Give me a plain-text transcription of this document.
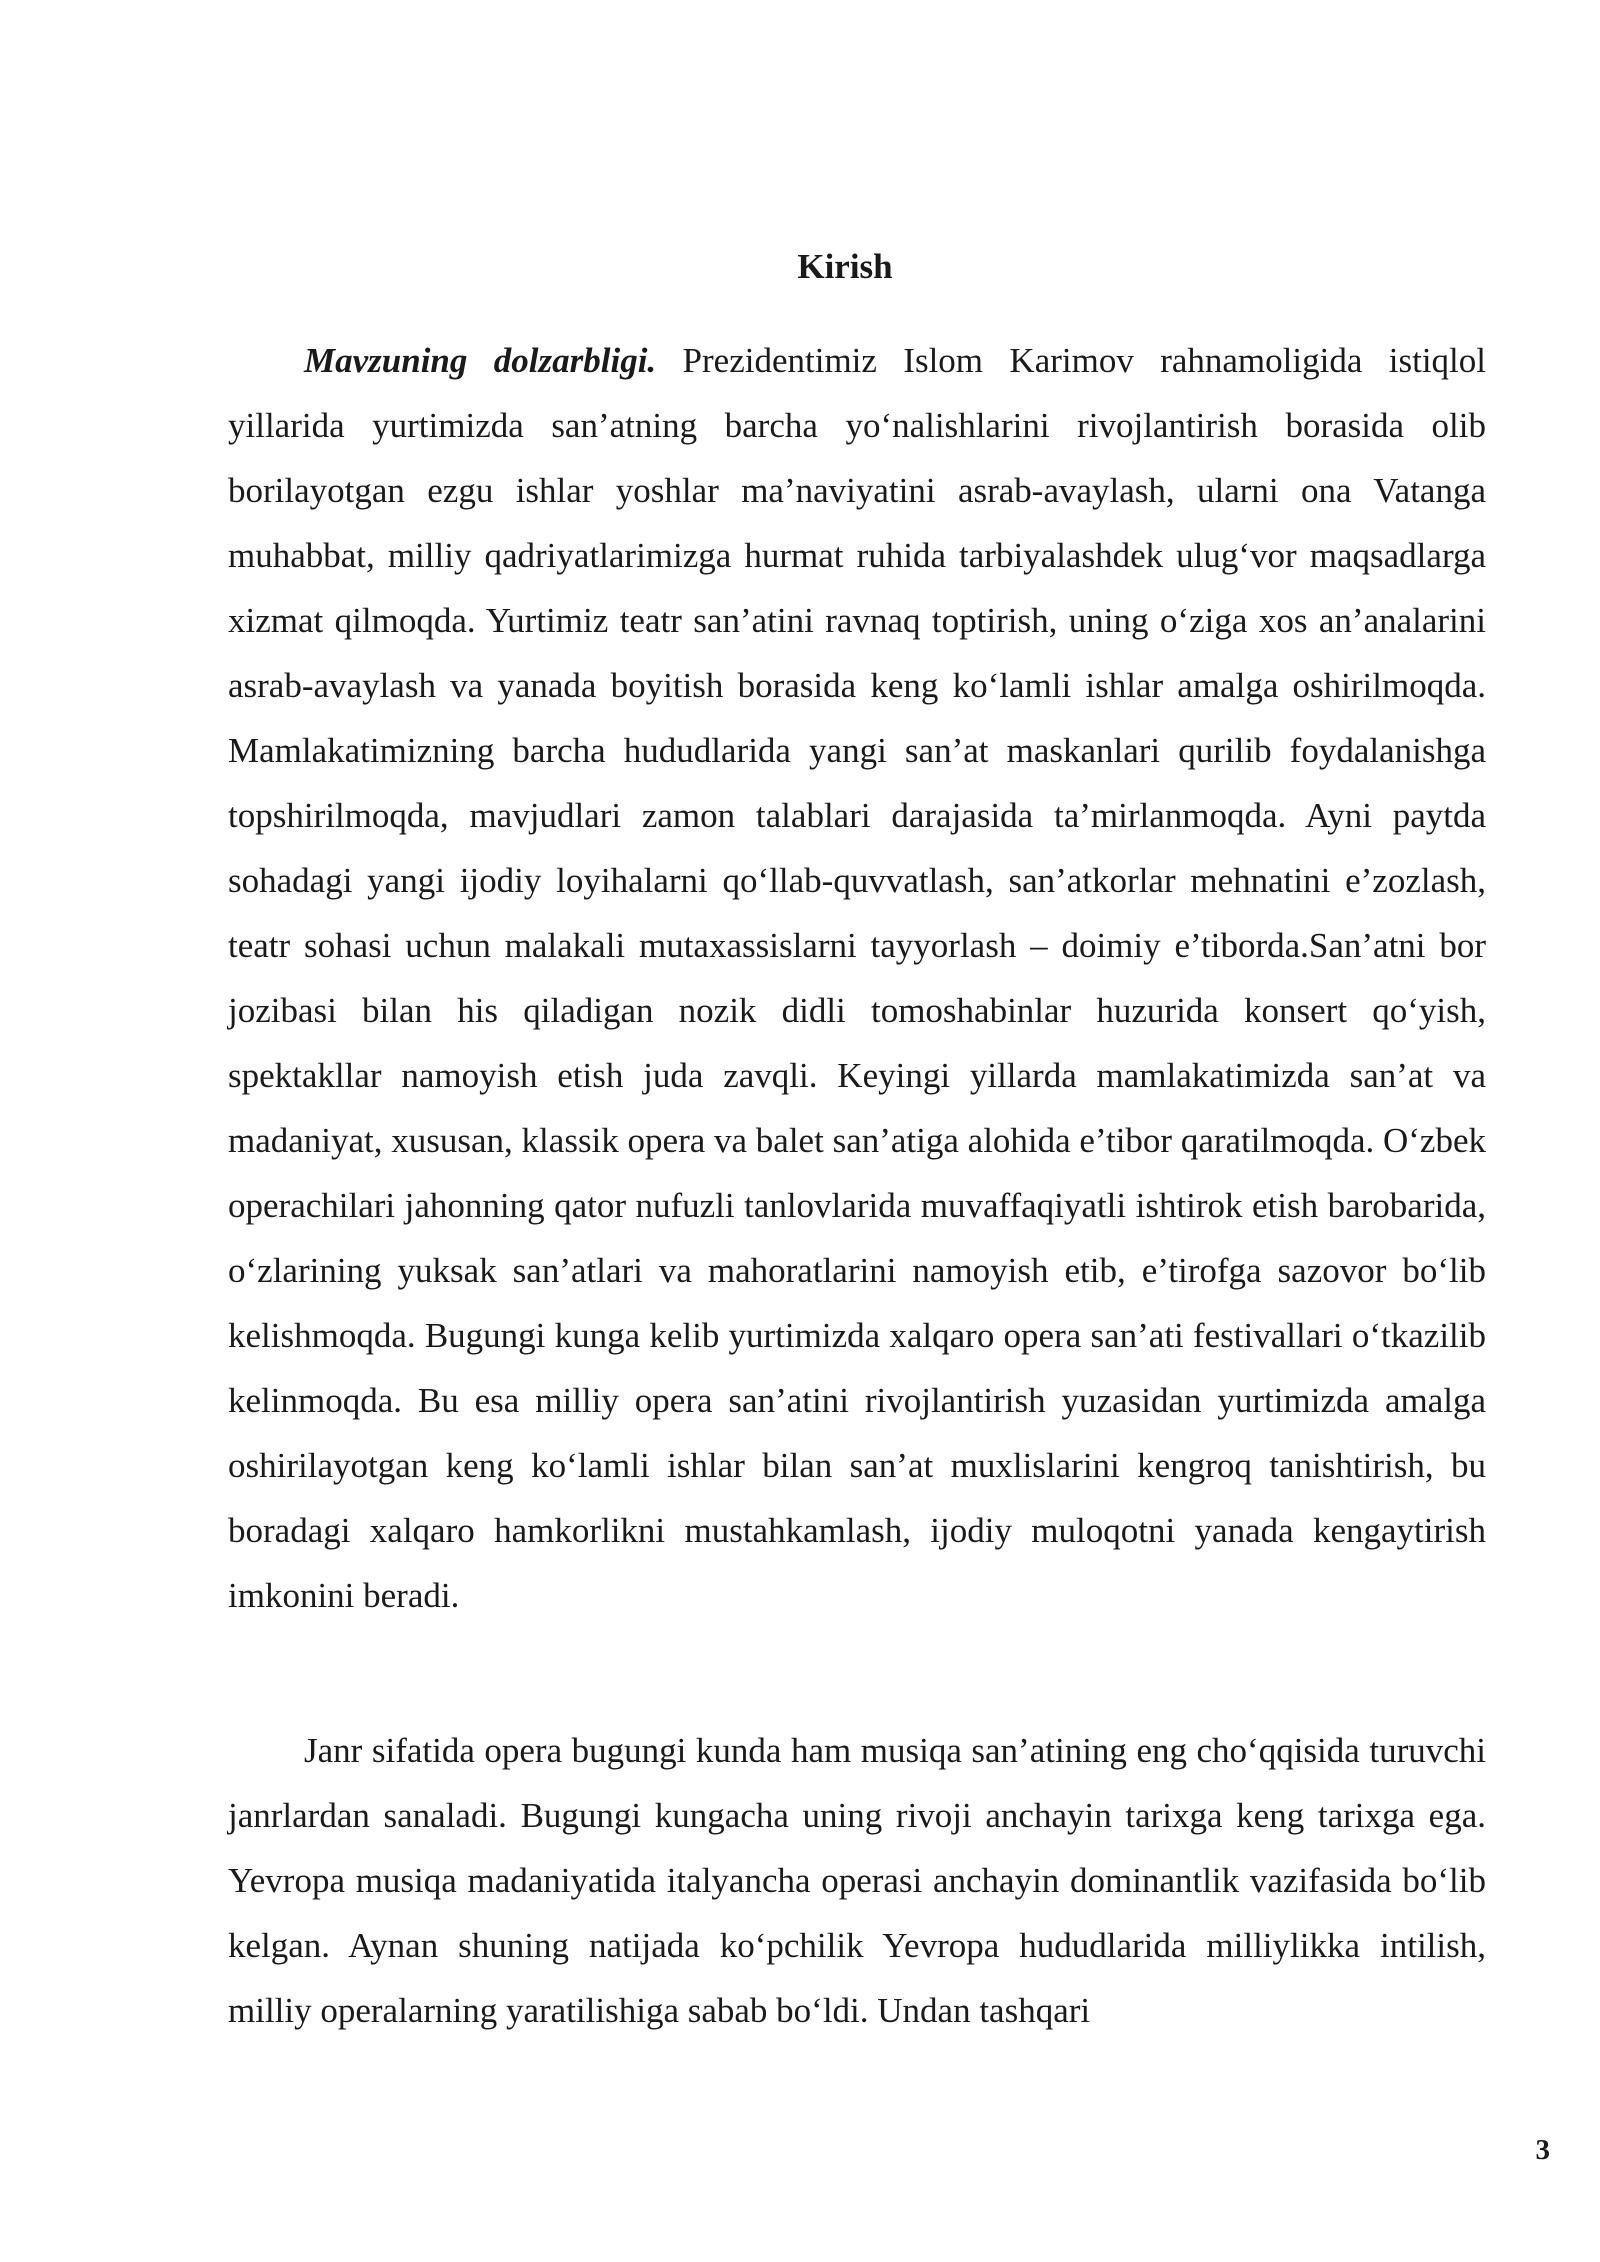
Kirish

Mavzuning dolzarbligi. Prezidentimiz Islom Karimov rahnamoligida istiqlol yillarida yurtimizda san’atning barcha yo‘nalishlarini rivojlantirish borasida olib borilayotgan ezgu ishlar yoshlar ma’naviyatini asrab-avaylash, ularni ona Vatanga muhabbat, milliy qadriyatlarimizga hurmat ruhida tarbiyalashdek ulug‘vor maqsadlarga xizmat qilmoqda. Yurtimiz teatr san’atini ravnaq toptirish, uning o‘ziga xos an’analarini asrab-avaylash va yanada boyitish borasida keng ko‘lamli ishlar amalga oshirilmoqda. Mamlakatimizning barcha hududlarida yangi san’at maskanlari qurilib foydalanishga topshirilmoqda, mavjudlari zamon talablari darajasida ta’mirlanmoqda. Ayni paytda sohadagi yangi ijodiy loyihalarni qo‘llab-quvvatlash, san’atkorlar mehnatini e’zozlash, teatr sohasi uchun malakali mutaxassislarni tayyorlash – doimiy e’tiborda.San’atni bor jozibasi bilan his qiladigan nozik didli tomoshabinlar huzurida konsert qo‘yish, spektakllar namoyish etish juda zavqli. Keyingi yillarda mamlakatimizda san’at va madaniyat, xususan, klassik opera va balet san’atiga alohida e’tibor qaratilmoqda. O‘zbek operachilari jahonning qator nufuzli tanlovlarida muvaffaqiyatli ishtirok etish barobarida, o‘zlarining yuksak san’atlari va mahoratlarini namoyish etib, e’tirofga sazovor bo‘lib kelishmoqda. Bugungi kunga kelib yurtimizda xalqaro opera san’ati festivallari o‘tkazilib kelinmoqda. Bu esa milliy opera san’atini rivojlantirish yuzasidan yurtimizda amalga oshirilayotgan keng ko‘lamli ishlar bilan san’at muxlislarini kengroq tanishtirish, bu boradagi xalqaro hamkorlikni mustahkamlash, ijodiy muloqotni yanada kengaytirish imkonini beradi.

Janr sifatida opera bugungi kunda ham musiqa san’atining eng cho‘qqisida turuvchi janrlardan sanaladi. Bugungi kungacha uning rivoji anchayin tarixga keng tarixga ega. Yevropa musiqa madaniyatida italyancha operasi anchayin dominantlik vazifasida bo‘lib kelgan. Aynan shuning natijada ko‘pchilik Yevropa hududlarida milliylikka intilish, milliy operalarning yaratilishiga sabab bo‘ldi. Undan tashqari

3
